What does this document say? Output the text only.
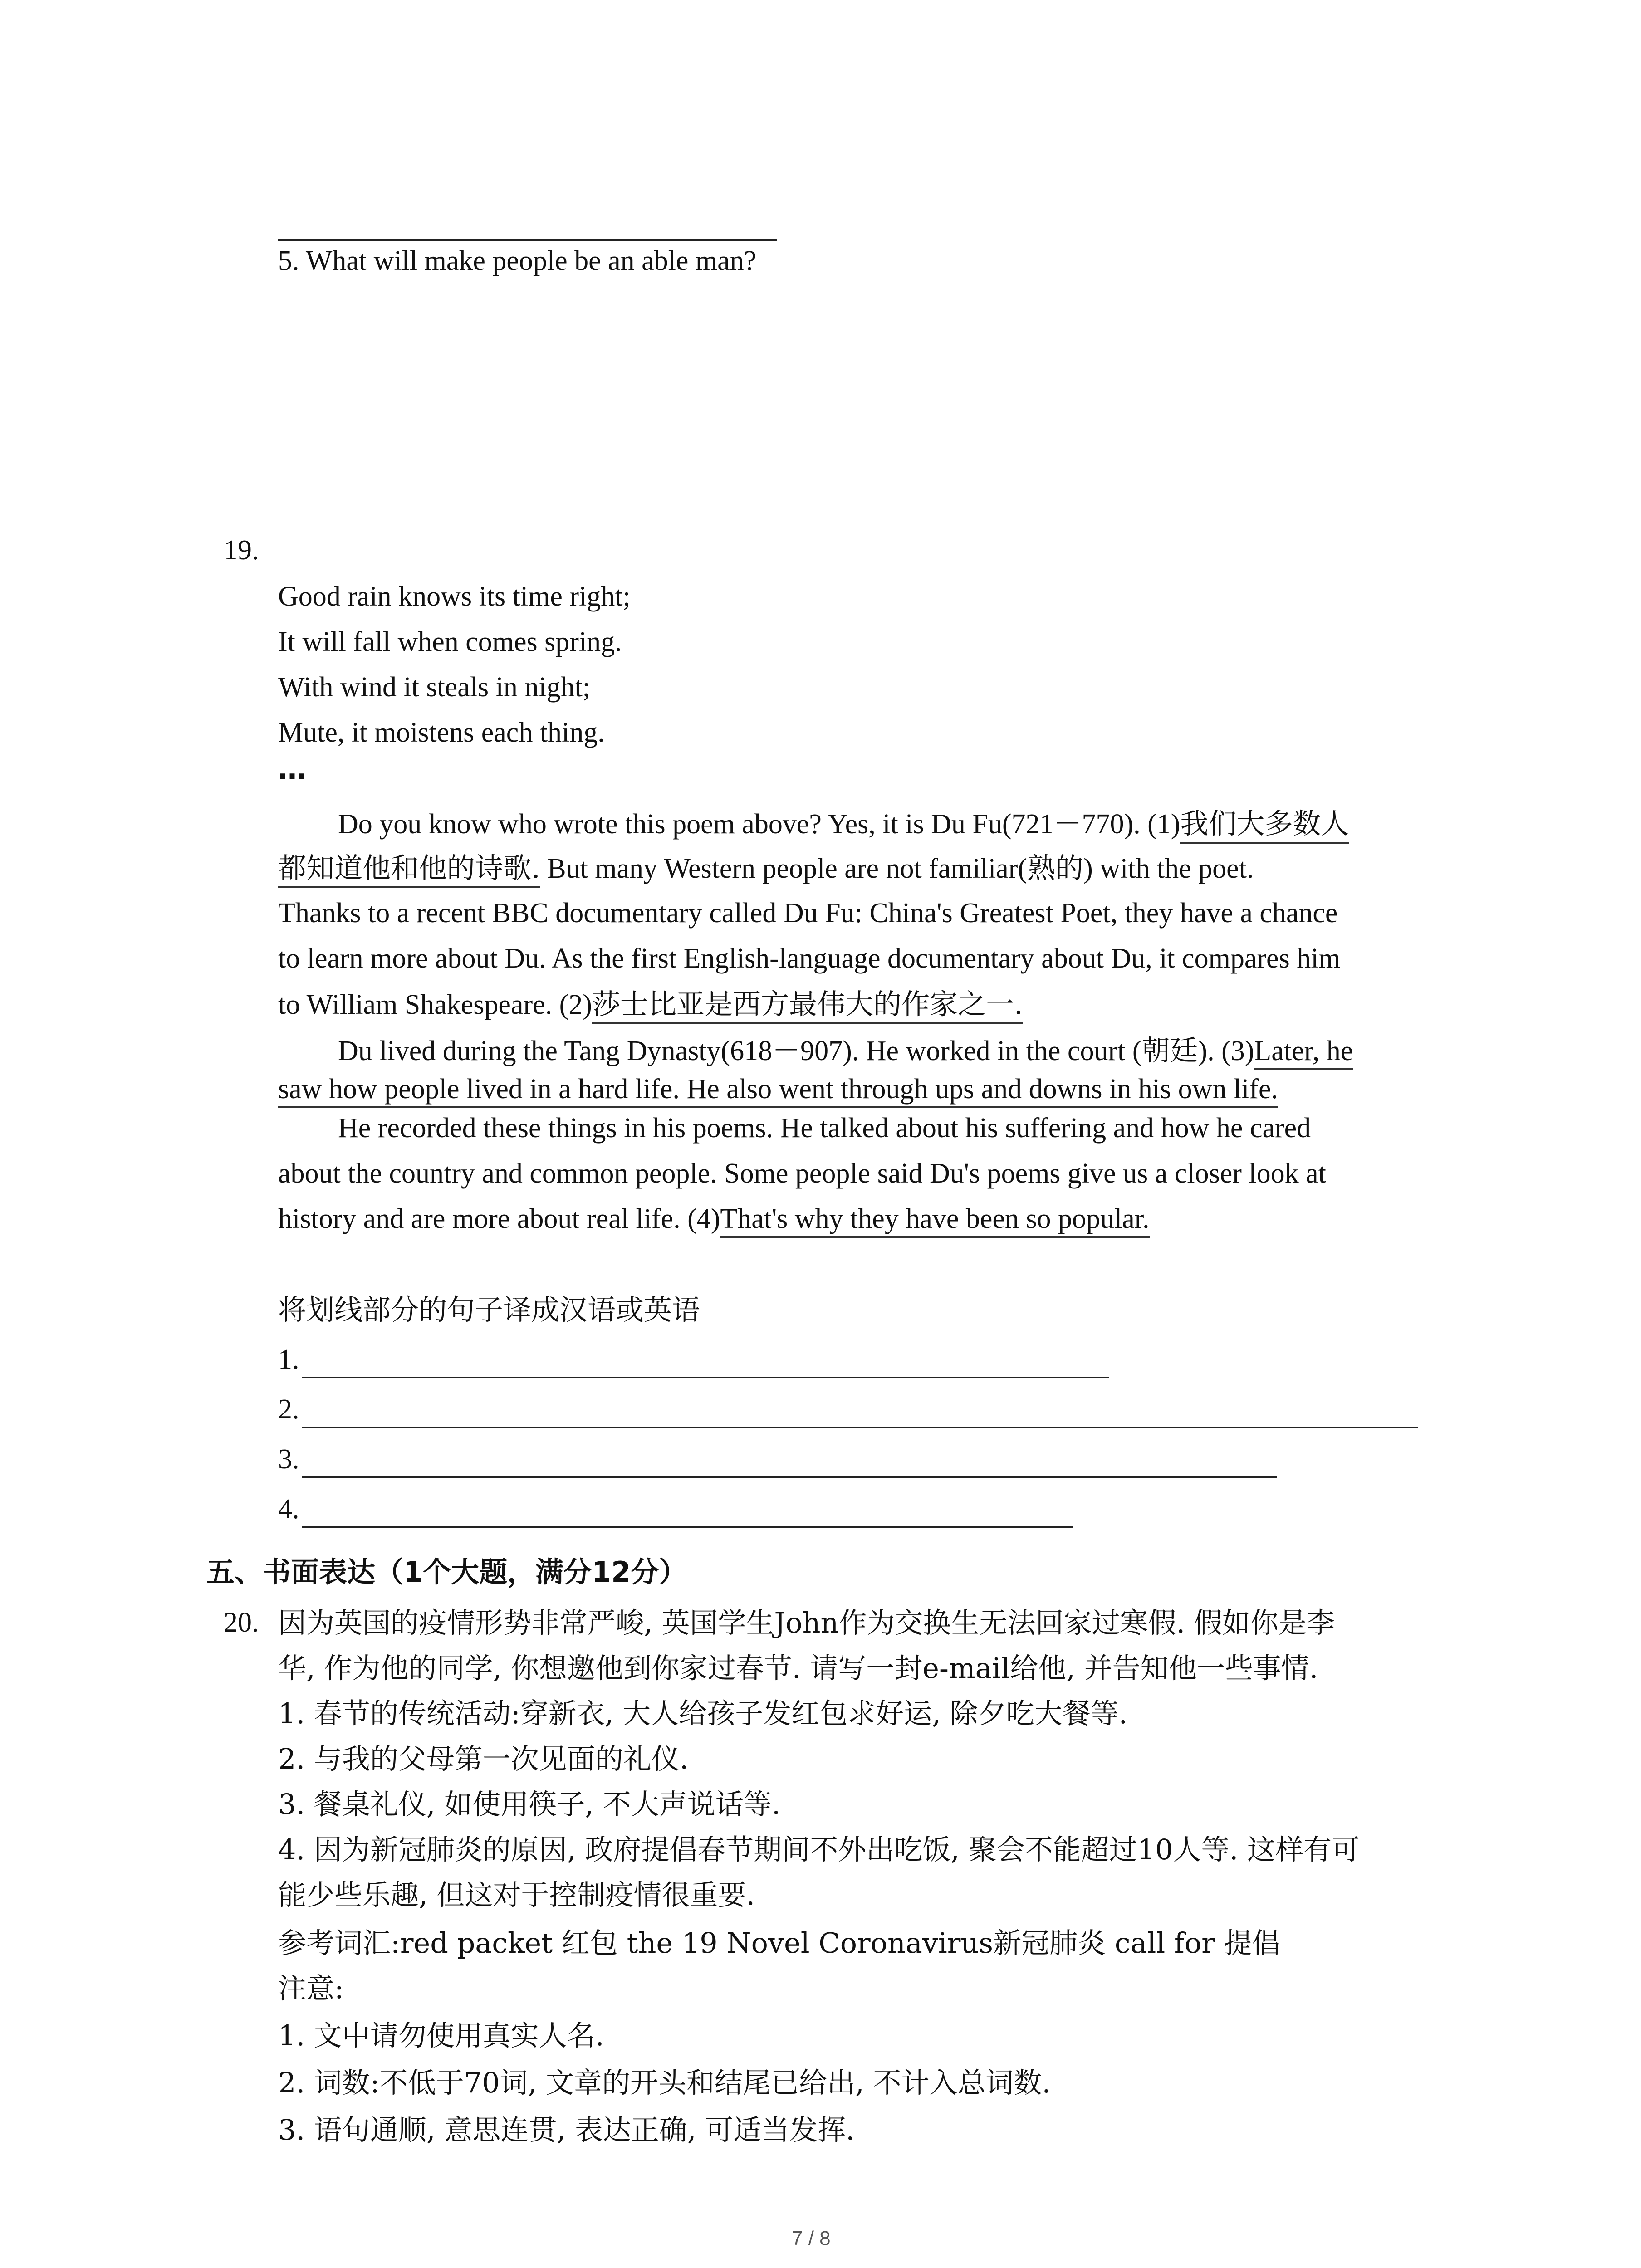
5. What will make people be an able man?
19.
Good rain knows its time right;
It will fall when comes spring.
With wind it steals in night;
Mute, it moistens each thing.
…
Do you know who wrote this poem above? Yes, it is Du Fu(721－770). (1)我们大多数人
都知道他和他的诗歌. But many Western people are not familiar(熟的) with the poet.
Thanks to a recent BBC documentary called Du Fu: China's Greatest Poet, they have a chance
to learn more about Du. As the first English-language documentary about Du, it compares him
to William Shakespeare. (2)莎士比亚是西方最伟大的作家之一.
Du lived during the Tang Dynasty(618－907). He worked in the court (朝廷). (3)Later, he
saw how people lived in a hard life. He also went through ups and downs in his own life.
He recorded these things in his poems. He talked about his suffering and how he cared
about the country and common people. Some people said Du's poems give us a closer look at
history and are more about real life. (4)That's why they have been so popular.
将划线部分的句子译成汉语或英语
1.
2.
3.
4.
五、书面表达（1个大题，满分12分）
20. 因为英国的疫情形势非常严峻, 英国学生John作为交换生无法回家过寒假. 假如你是李
华, 作为他的同学, 你想邀他到你家过春节. 请写一封e-mail给他, 并告知他一些事情.
1. 春节的传统活动:穿新衣, 大人给孩子发红包求好运, 除夕吃大餐等.
2. 与我的父母第一次见面的礼仪.
3. 餐桌礼仪, 如使用筷子, 不大声说话等.
4. 因为新冠肺炎的原因, 政府提倡春节期间不外出吃饭, 聚会不能超过10人等. 这样有可
能少些乐趣, 但这对于控制疫情很重要.
参考词汇:red packet 红包 the 19 Novel Coronavirus新冠肺炎 call for 提倡
注意:
1. 文中请勿使用真实人名.
2. 词数:不低于70词, 文章的开头和结尾已给出, 不计入总词数.
3. 语句通顺, 意思连贯, 表达正确, 可适当发挥.
7 / 8
